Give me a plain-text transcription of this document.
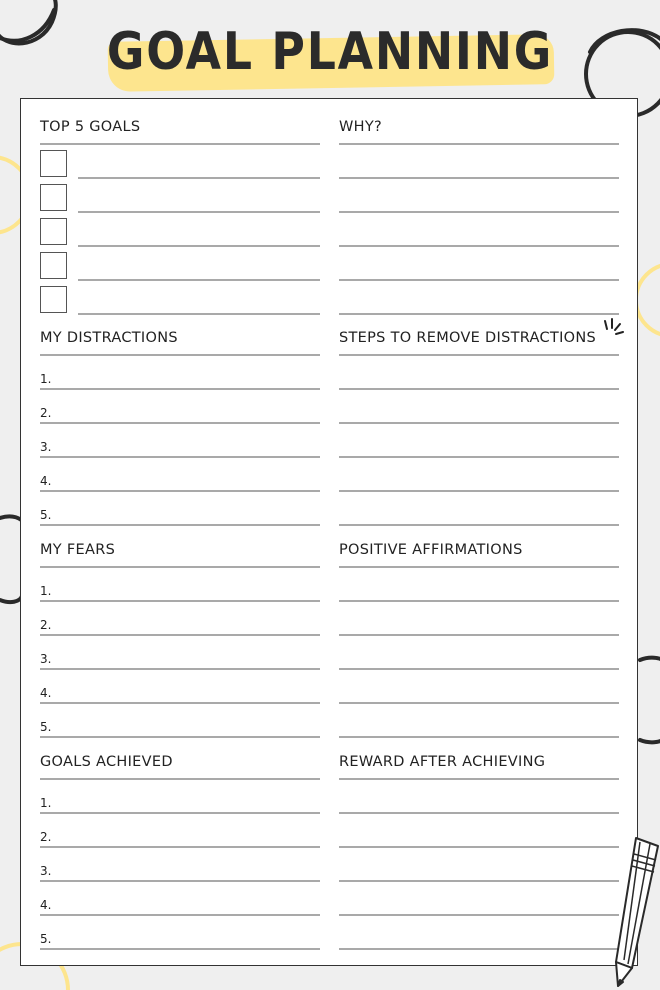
GOAL PLANNING
TOP 5 GOALS	WHY?
MY DISTRACTIONS
1.
2.
3.
4.
5.
STEPS TO REMOVE DISTRACTIONS
MY FEARS
1.
2.
3.
4.
5.
POSITIVE AFFIRMATIONS
GOALS ACHIEVED
1.
2.
3.
4.
5.
REWARD AFTER ACHIEVING
